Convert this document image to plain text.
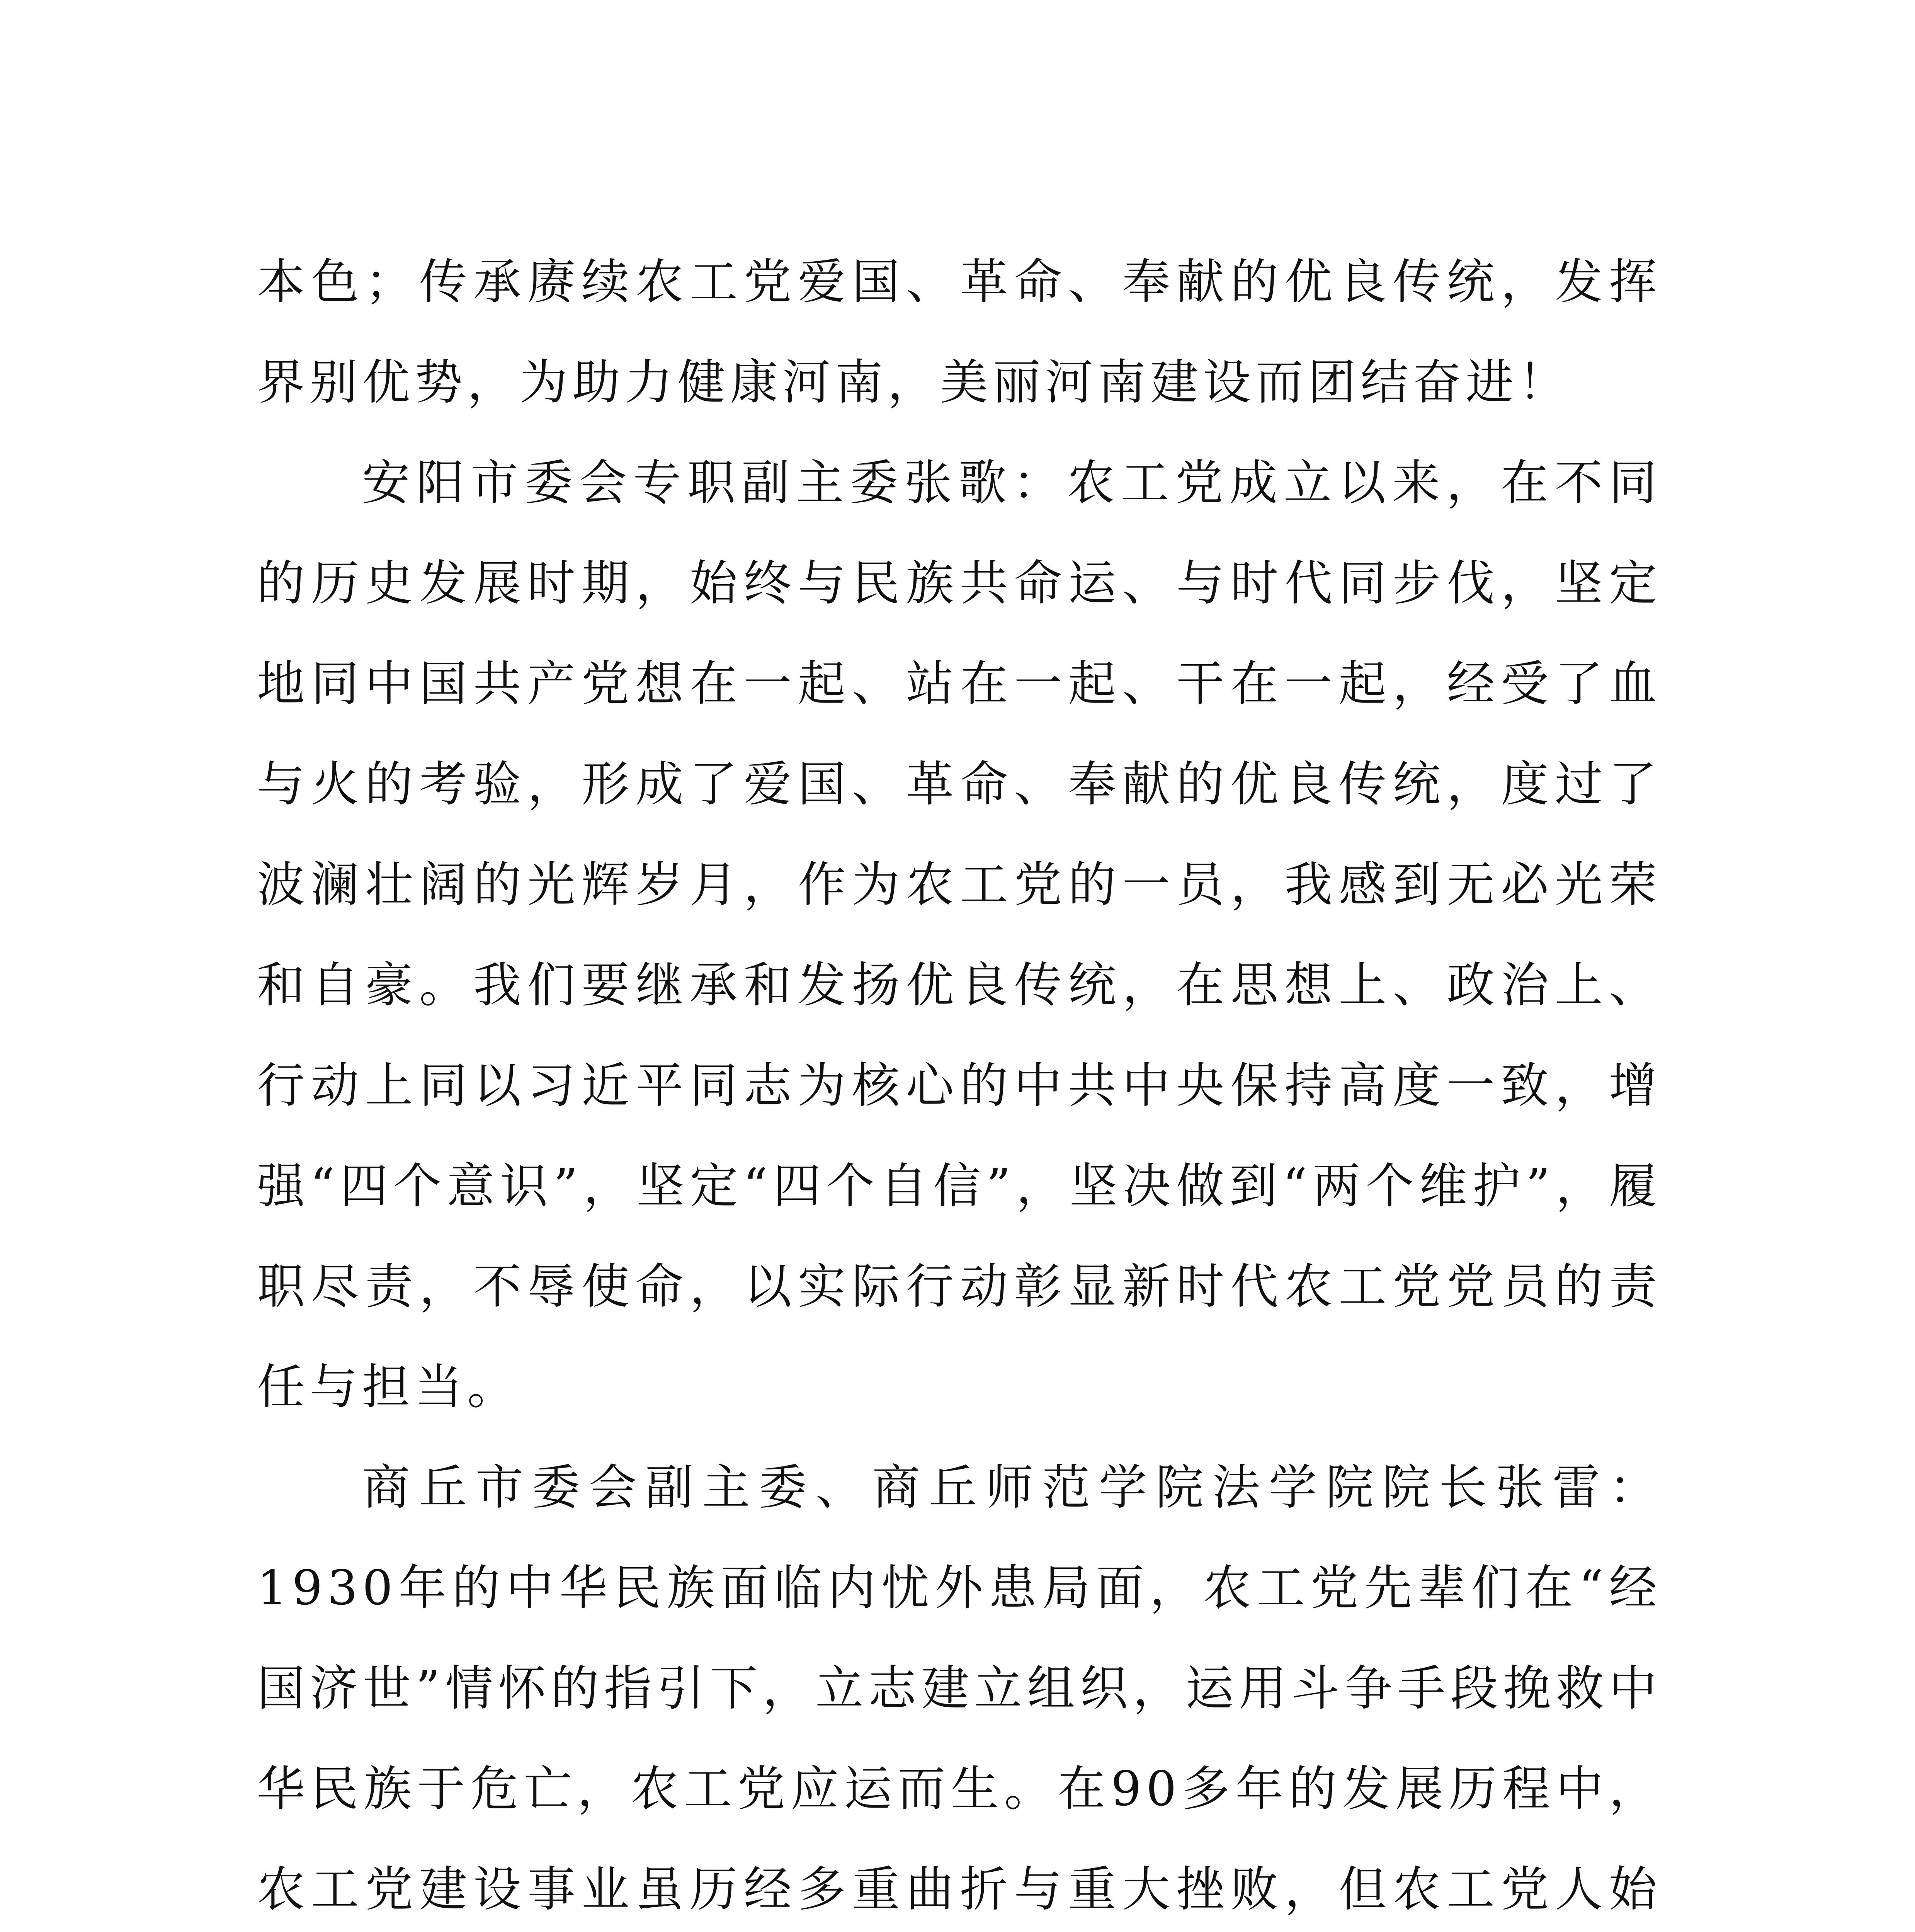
本色；传承赓续农工党爱国、革命、奉献的优良传统，发挥界别优势，为助力健康河南，美丽河南建设而团结奋进！

安阳市委会专职副主委张歌：农工党成立以来，在不同的历史发展时期，始终与民族共命运、与时代同步伐，坚定地同中国共产党想在一起、站在一起、干在一起，经受了血与火的考验，形成了爱国、革命、奉献的优良传统，度过了波澜壮阔的光辉岁月，作为农工党的一员，我感到无必光荣和自豪。我们要继承和发扬优良传统，在思想上、政治上、行动上同以习近平同志为核心的中共中央保持高度一致，增强“四个意识”，坚定“四个自信”，坚决做到“两个维护”，履职尽责，不辱使命，以实际行动彰显新时代农工党党员的责任与担当。

商丘市委会副主委、商丘师范学院法学院院长张雷：1930年的中华民族面临内忧外患局面，农工党先辈们在“经国济世”情怀的指引下，立志建立组织，运用斗争手段挽救中华民族于危亡，农工党应运而生。在90多年的发展历程中，农工党建设事业虽历经多重曲折与重大挫败，但农工党人始
